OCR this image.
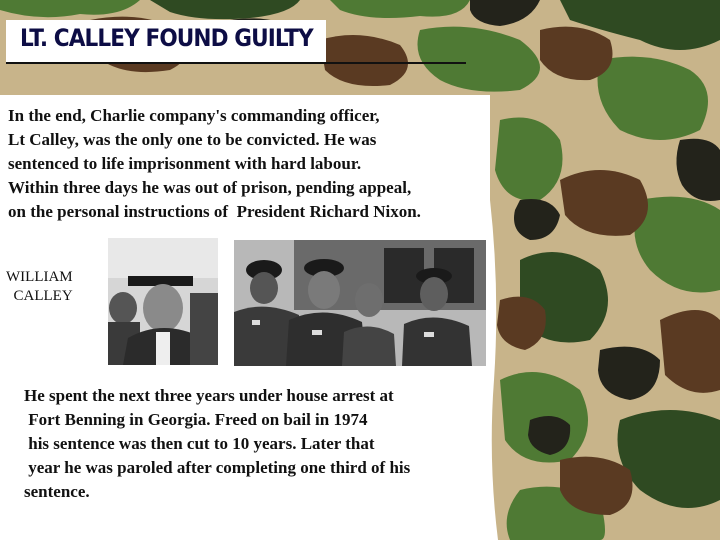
LT. CALLEY FOUND GUILTY

In the end, Charlie company's commanding officer,
Lt Calley, was the only one to be convicted. He was
sentenced to life imprisonment with hard labour.
Within three days he was out of prison, pending appeal,
on the personal instructions of  President Richard Nixon.

WILLIAM
CALLEY

He spent the next three years under house arrest at
Fort Benning in Georgia. Freed on bail in 1974
his sentence was then cut to 10 years. Later that
year he was paroled after completing one third of his
sentence.
